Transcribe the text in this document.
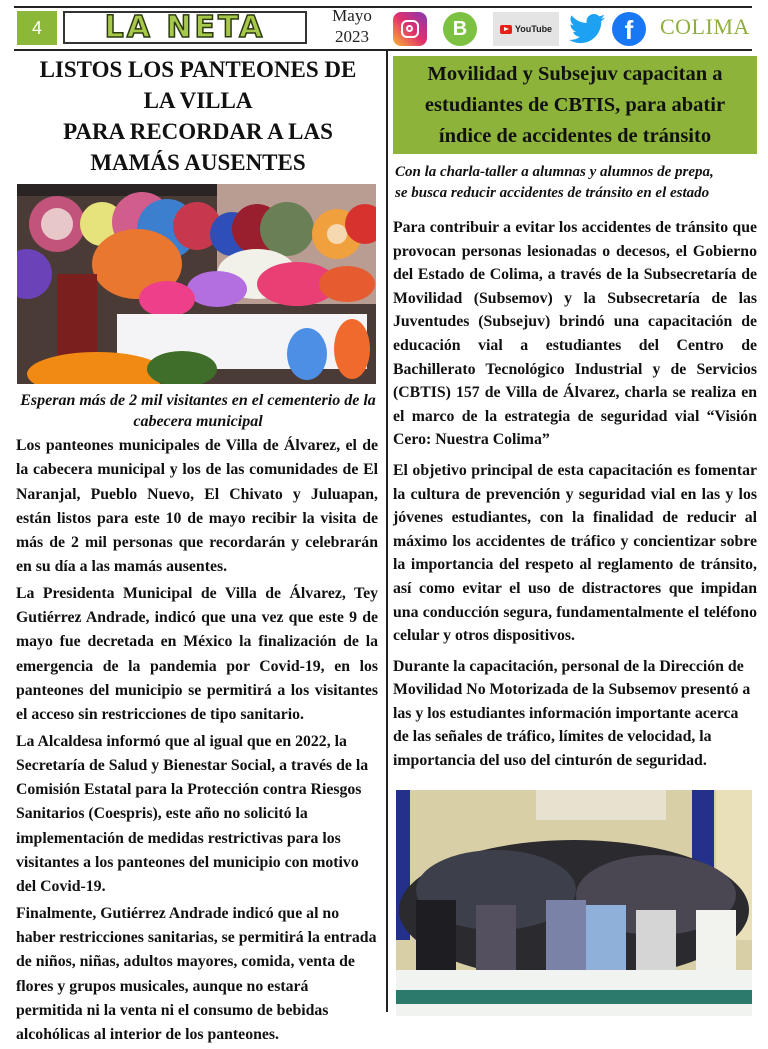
4	LA NETA	Mayo
2023	B	YouTube	f COLIMA
LISTOS LOS PANTEONES DE
LA VILLA
PARA RECORDAR A LAS
MAMÁS AUSENTES
Esperan más de 2 mil visitantes en el cementerio de la cabecera municipal

Los panteones municipales de Villa de Álvarez, el de la cabecera municipal y los de las comunidades de El Naranjal, Pueblo Nuevo, El Chivato y Juluapan, están listos para este 10 de mayo recibir la visita de más de 2 mil personas que recordarán y celebrarán en su día a las mamás ausentes.

La Presidenta Municipal de Villa de Álvarez, Tey Gutiérrez Andrade, indicó que una vez que este 9 de mayo fue decretada en México la finalización de la emergencia de la pandemia por Covid-19, en los panteones del municipio se permitirá a los visitantes el acceso sin restricciones de tipo sanitario.

La Alcaldesa informó que al igual que en 2022, la Secretaría de Salud y Bienestar Social, a través de la Comisión Estatal para la Protección contra Riesgos Sanitarios (Coespris), este año no solicitó la implementación de medidas restrictivas para los visitantes a los panteones del municipio con motivo del Covid-19.

Finalmente, Gutiérrez Andrade indicó que al no haber restricciones sanitarias, se permitirá la entrada de niños, niñas, adultos mayores, comida, venta de flores y grupos musicales, aunque no estará permitida ni la venta ni el consumo de bebidas alcohólicas al interior de los panteones.

Movilidad y Subsejuv capacitan a
estudiantes de CBTIS, para abatir
índice de accidentes de tránsito
Con la charla-taller a alumnas y alumnos de prepa,
se busca reducir accidentes de tránsito en el estado

Para contribuir a evitar los accidentes de tránsito que provocan personas lesionadas o decesos, el Gobierno del Estado de Colima, a través de la Subsecretaría de Movilidad (Subsemov) y la Subsecretaría de las Juventudes (Subsejuv) brindó una capacitación de educación vial a estudiantes del Centro de Bachillerato Tecnológico Industrial y de Servicios (CBTIS) 157 de Villa de Álvarez, charla se realiza en el marco de la estrategia de seguridad vial “Visión Cero: Nuestra Colima”

El objetivo principal de esta capacitación es fomentar la cultura de prevención y seguridad vial en las y los jóvenes estudiantes, con la finalidad de reducir al máximo los accidentes de tráfico y concientizar sobre la importancia del respeto al reglamento de tránsito, así como evitar el uso de distractores que impidan una conducción segura, fundamentalmente el teléfono celular y otros dispositivos.

Durante la capacitación, personal de la Dirección de Movilidad No Motorizada de la Subsemov presentó a las y los estudiantes información importante acerca de las señales de tráfico, límites de velocidad, la importancia del uso del cinturón de seguridad.
